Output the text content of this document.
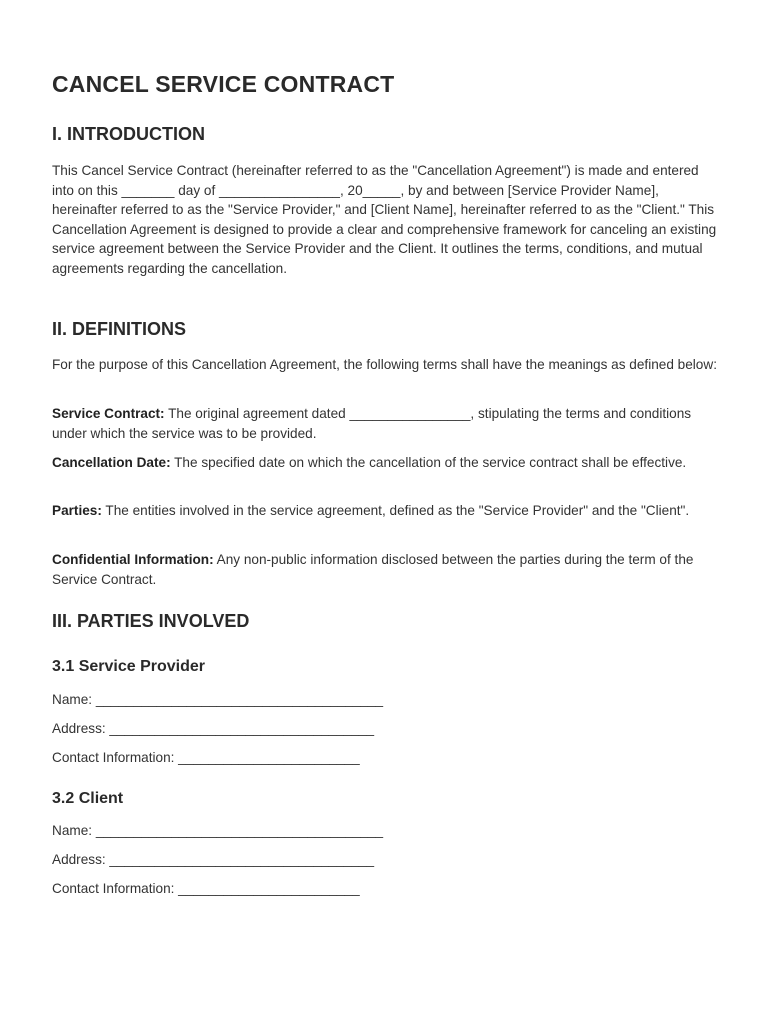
CANCEL SERVICE CONTRACT
I. INTRODUCTION

This Cancel Service Contract (hereinafter referred to as the "Cancellation Agreement") is made and entered into on this _______ day of ________________, 20_____, by and between [Service Provider Name], hereinafter referred to as the "Service Provider," and [Client Name], hereinafter referred to as the "Client." This Cancellation Agreement is designed to provide a clear and comprehensive framework for canceling an existing service agreement between the Service Provider and the Client. It outlines the terms, conditions, and mutual agreements regarding the cancellation.

II. DEFINITIONS

For the purpose of this Cancellation Agreement, the following terms shall have the meanings as defined below:

Service Contract: The original agreement dated ________________, stipulating the terms and conditions under which the service was to be provided.

Cancellation Date: The specified date on which the cancellation of the service contract shall be effective.

Parties: The entities involved in the service agreement, defined as the "Service Provider" and the "Client".

Confidential Information: Any non-public information disclosed between the parties during the term of the Service Contract.

III. PARTIES INVOLVED
3.1 Service Provider

Name: ______________________________________

Address: ___________________________________

Contact Information: ________________________

3.2 Client

Name: ______________________________________

Address: ___________________________________

Contact Information: ________________________
